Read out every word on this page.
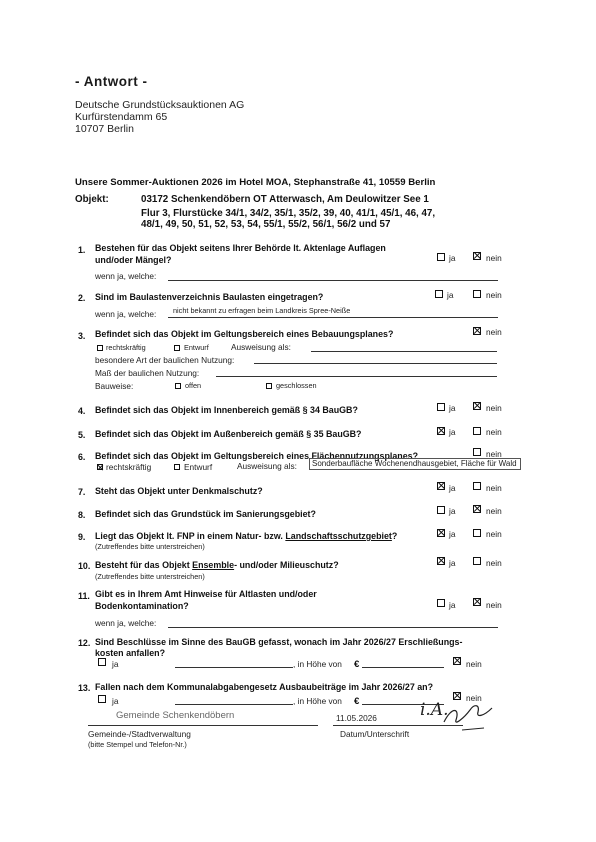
- Antwort -
Deutsche Grundstücksauktionen AG
Kurfürstendamm 65
10707 Berlin
Unsere Sommer-Auktionen 2026 im Hotel MOA, Stephanstraße 41, 10559 Berlin
Objekt:	03172 Schenkendöbern OT Atterwasch, Am Deulowitzer See 1
Flur 3, Flurstücke 34/1, 34/2, 35/1, 35/2, 39, 40, 41/1, 45/1, 46, 47,
48/1, 49, 50, 51, 52, 53, 54, 55/1, 55/2, 56/1, 56/2 und 57
1. Bestehen für das Objekt seitens Ihrer Behörde lt. Aktenlage Auflagen
und/oder Mängel?	ja	nein
wenn ja, welche:
2. Sind im Baulastenverzeichnis Baulasten eingetragen?	ja	nein
wenn ja, welche: nicht bekannt zu erfragen beim Landkreis Spree-Neiße
3. Befindet sich das Objekt im Geltungsbereich eines Bebauungsplanes?	nein
rechtskräftig	Entwurf	Ausweisung als:
besondere Art der baulichen Nutzung:
Maß der baulichen Nutzung:
Bauweise:	offen	geschlossen
4. Befindet sich das Objekt im Innenbereich gemäß § 34 BauGB?	ja	nein
5. Befindet sich das Objekt im Außenbereich gemäß § 35 BauGB?	ja	nein
6. Befindet sich das Objekt im Geltungsbereich eines Flächennutzungsplanes?	nein
rechtskräftig	Entwurf	Ausweisung als:	Sonderbaufläche Wochenendhausgebiet, Fläche für Wald
7. Steht das Objekt unter Denkmalschutz?	ja	nein
8. Befindet sich das Grundstück im Sanierungsgebiet?	ja	nein
9. Liegt das Objekt lt. FNP in einem Natur- bzw. Landschaftsschutzgebiet?
(Zutreffendes bitte unterstreichen)
ja	nein
10. Besteht für das Objekt Ensemble- und/oder Milieuschutz?
(Zutreffendes bitte unterstreichen)
ja	nein
11. Gibt es in Ihrem Amt Hinweise für Altlasten und/oder
Bodenkontamination?	ja	nein
wenn ja, welche:
12. Sind Beschlüsse im Sinne des BauGB gefasst, wonach im Jahr 2026/27 Erschließungs-
kosten anfallen?
ja	, in Höhe von €	nein
13. Fallen nach dem Kommunalabgabengesetz Ausbaubeiträge im Jahr 2026/27 an?
ja	, in Höhe von €	nein
Gemeinde Schenkendöbern	11.05.2026	i.A.
Gemeinde-/Stadtverwaltung
(bitte Stempel und Telefon-Nr.)
Datum/Unterschrift
